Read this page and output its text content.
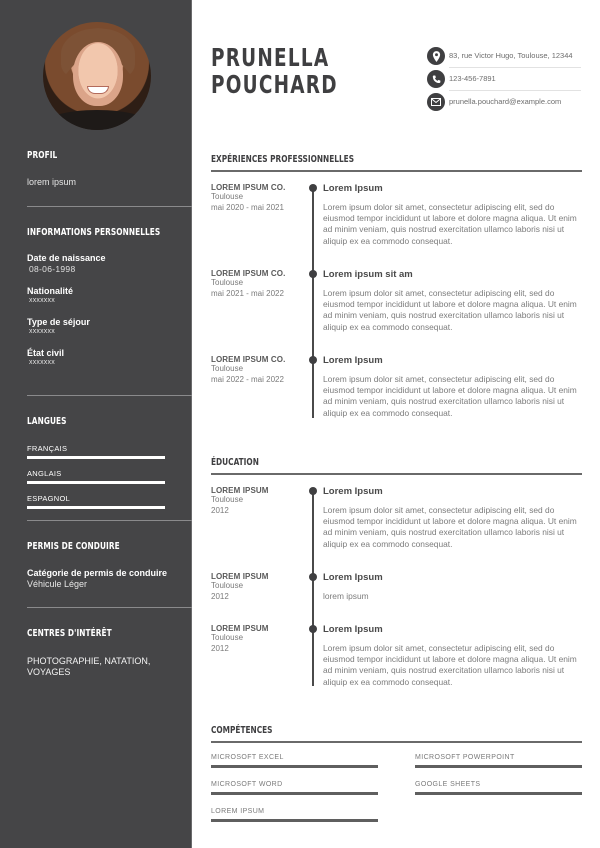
PROFIL
lorem ipsum
INFORMATIONS PERSONNELLES
Date de naissance
08-06-1998
Nationalité
xxxxxxx
Type de séjour
xxxxxxx
État civil
xxxxxxx
LANGUES
FRANÇAIS
ANGLAIS
ESPAGNOL
PERMIS DE CONDUIRE
Catégorie de permis de conduire
Véhicule Léger
CENTRES D'INTÉRÊT
PHOTOGRAPHIE, NATATION,
VOYAGES
PRUNELLA
POUCHARD
83, rue Victor Hugo, Toulouse, 12344
123-456-7891
prunella.pouchard@example.com
EXPÉRIENCES PROFESSIONNELLES
LOREM IPSUM CO.
Toulouse
mai 2020 - mai 2021
Lorem Ipsum
Lorem ipsum dolor sit amet, consectetur adipiscing elit, sed do eiusmod tempor incididunt ut labore et dolore magna aliqua. Ut enim ad minim veniam, quis nostrud exercitation ullamco laboris nisi ut aliquip ex ea commodo consequat.
LOREM IPSUM CO.
Toulouse
mai 2021 - mai 2022
Lorem ipsum sit am
Lorem ipsum dolor sit amet, consectetur adipiscing elit, sed do eiusmod tempor incididunt ut labore et dolore magna aliqua. Ut enim ad minim veniam, quis nostrud exercitation ullamco laboris nisi ut aliquip ex ea commodo consequat.
LOREM IPSUM CO.
Toulouse
mai 2022 - mai 2022
Lorem Ipsum
Lorem ipsum dolor sit amet, consectetur adipiscing elit, sed do eiusmod tempor incididunt ut labore et dolore magna aliqua. Ut enim ad minim veniam, quis nostrud exercitation ullamco laboris nisi ut aliquip ex ea commodo consequat.
ÉDUCATION
LOREM IPSUM
Toulouse
2012
Lorem Ipsum
Lorem ipsum dolor sit amet, consectetur adipiscing elit, sed do eiusmod tempor incididunt ut labore et dolore magna aliqua. Ut enim ad minim veniam, quis nostrud exercitation ullamco laboris nisi ut aliquip ex ea commodo consequat.
LOREM IPSUM
Toulouse
2012
Lorem Ipsum
lorem ipsum
LOREM IPSUM
Toulouse
2012
Lorem Ipsum
Lorem ipsum dolor sit amet, consectetur adipiscing elit, sed do eiusmod tempor incididunt ut labore et dolore magna aliqua. Ut enim ad minim veniam, quis nostrud exercitation ullamco laboris nisi ut aliquip ex ea commodo consequat.
COMPÉTENCES
MICROSOFT EXCEL	MICROSOFT POWERPOINT
MICROSOFT WORD	GOOGLE SHEETS
LOREM IPSUM
